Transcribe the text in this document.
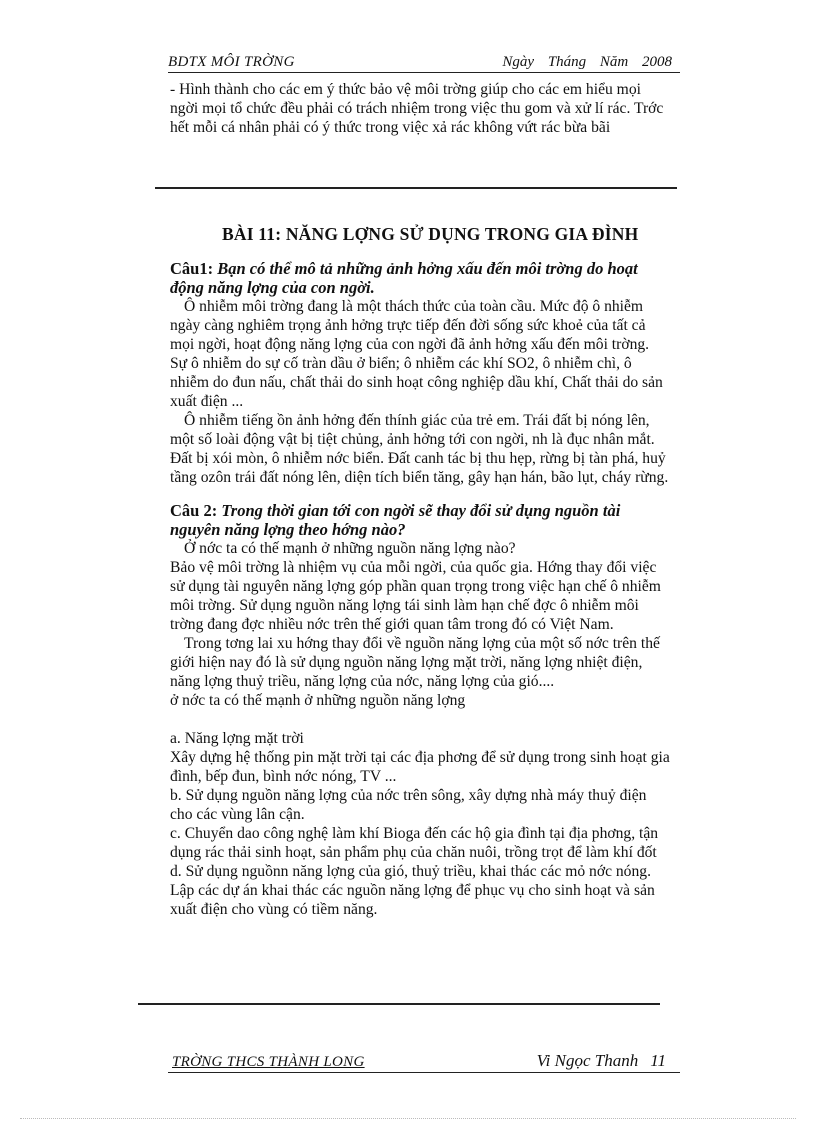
BDTX MÔI TRỜNG	Ngày Tháng Năm 2008

- Hình thành cho các em ý thức bảo vệ môi trờng giúp cho các em hiểu mọi ngời mọi tổ chức đều phải có trách nhiệm trong việc thu gom và xử lí rác. Trớc hết mỗi cá nhân phải có ý thức trong việc xả rác không vứt rác bừa bãi

BÀI 11: NĂNG LỢNG SỬ DỤNG TRONG GIA ĐÌNH

Câu1: Bạn có thể mô tả những ảnh hởng xấu đến môi trờng do hoạt động năng lợng của con ngời.

Ô nhiễm môi trờng đang là một thách thức của toàn cầu. Mức độ ô nhiễm ngày càng nghiêm trọng ảnh hởng trực tiếp đến đời sống sức khoẻ của tất cả mọi ngời, hoạt động năng lợng của con ngời đã ảnh hởng xấu đến môi trờng. Sự ô nhiễm do sự cố tràn dầu ở biển; ô nhiễm các khí SO2, ô nhiễm chì, ô nhiễm do đun nấu, chất thải do sinh hoạt công nghiệp dầu khí, Chất thải do sản xuất điện ...

Ô nhiễm tiếng ồn ảnh hởng đến thính giác của trẻ em. Trái đất bị nóng lên, một số loài động vật bị tiệt chủng, ảnh hởng tới con ngời, nh là đục nhân mắt. Đất bị xói mòn, ô nhiễm nớc biển. Đất canh tác bị thu hẹp, rừng bị tàn phá, huỷ tầng ozôn trái đất nóng lên, diện tích biển tăng, gây hạn hán, bão lụt, cháy rừng.

Câu 2: Trong thời gian tới con ngời sẽ thay đổi sử dụng nguồn tài nguyên năng lợng theo hớng nào?

Ở nớc ta có thế mạnh ở những nguồn năng lợng nào?

Bảo vệ môi trờng là nhiệm vụ của mỗi ngời, của quốc gia. Hớng thay đổi việc sử dụng tài nguyên năng lợng góp phần quan trọng trong việc hạn chế ô nhiễm môi trờng. Sử dụng nguồn năng lợng tái sinh làm hạn chế đợc ô nhiễm môi trờng đang đợc nhiều nớc trên thế giới quan tâm trong đó có Việt Nam.

Trong tơng lai xu hớng thay đổi về nguồn năng lợng của một số nớc trên thế giới hiện nay đó là sử dụng nguồn năng lợng mặt trời, năng lợng nhiệt điện, năng lợng thuỷ triều, năng lợng của nớc, năng lợng của gió....

ở nớc ta có thế mạnh ở những nguồn năng lợng

a. Năng lợng mặt trời

Xây dựng hệ thống pin mặt trời tại các địa phơng để sử dụng trong sinh hoạt gia đình, bếp đun, bình nớc nóng, TV ...

b. Sử dụng nguồn năng lợng của nớc trên sông, xây dựng nhà máy thuỷ điện cho các vùng lân cận.

c. Chuyển dao công nghệ làm khí Bioga đến các hộ gia đình tại địa phơng, tận dụng rác thải sinh hoạt, sản phẩm phụ của chăn nuôi, trồng trọt để làm khí đốt

d. Sử dụng nguồnn năng lợng của gió, thuỷ triều, khai thác các mỏ nớc nóng. Lập các dự án khai thác các nguồn năng lợng để phục vụ cho sinh hoạt và sản xuất điện cho vùng có tiềm năng.

TRỜNG THCS THÀNH LONG	Vi Ngọc Thanh 11
